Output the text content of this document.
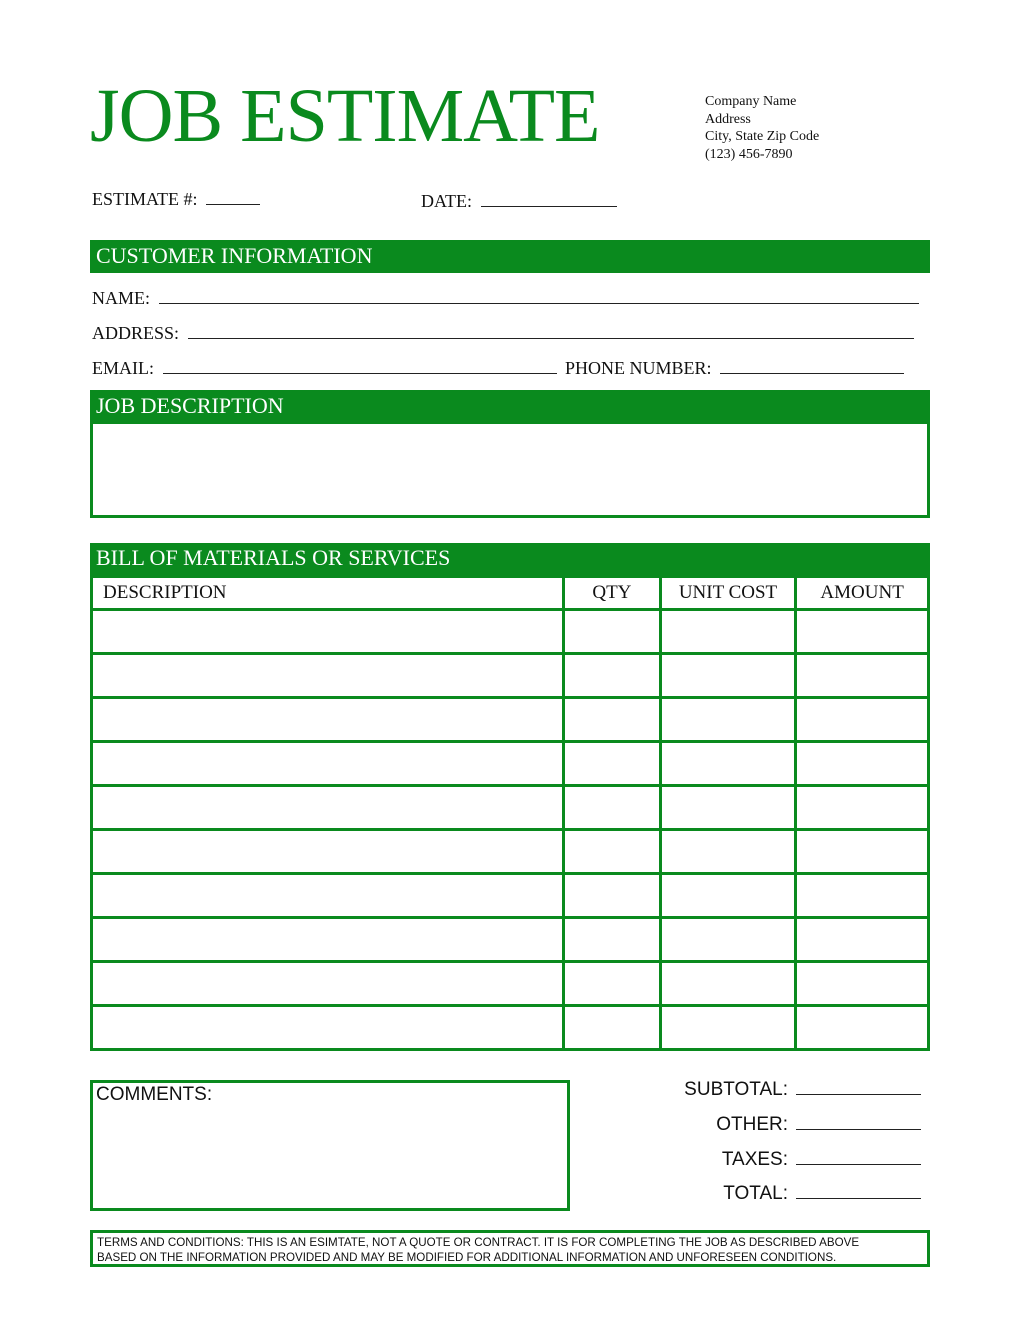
JOB ESTIMATE	Company Name
Address
City, State Zip Code
(123) 456-7890
ESTIMATE #:	DATE:
CUSTOMER INFORMATION
NAME:
ADDRESS:
EMAIL:	PHONE NUMBER:
JOB DESCRIPTION
BILL OF MATERIALS OR SERVICES
DESCRIPTION	QTY	UNIT COST	AMOUNT

COMMENTS:	SUBTOTAL:
OTHER:
TAXES:
TOTAL:
TERMS AND CONDITIONS: THIS IS AN ESIMTATE, NOT A QUOTE OR CONTRACT. IT IS FOR COMPLETING THE JOB AS DESCRIBED ABOVE
BASED ON THE INFORMATION PROVIDED AND MAY BE MODIFIED FOR ADDITIONAL INFORMATION AND UNFORESEEN CONDITIONS.
